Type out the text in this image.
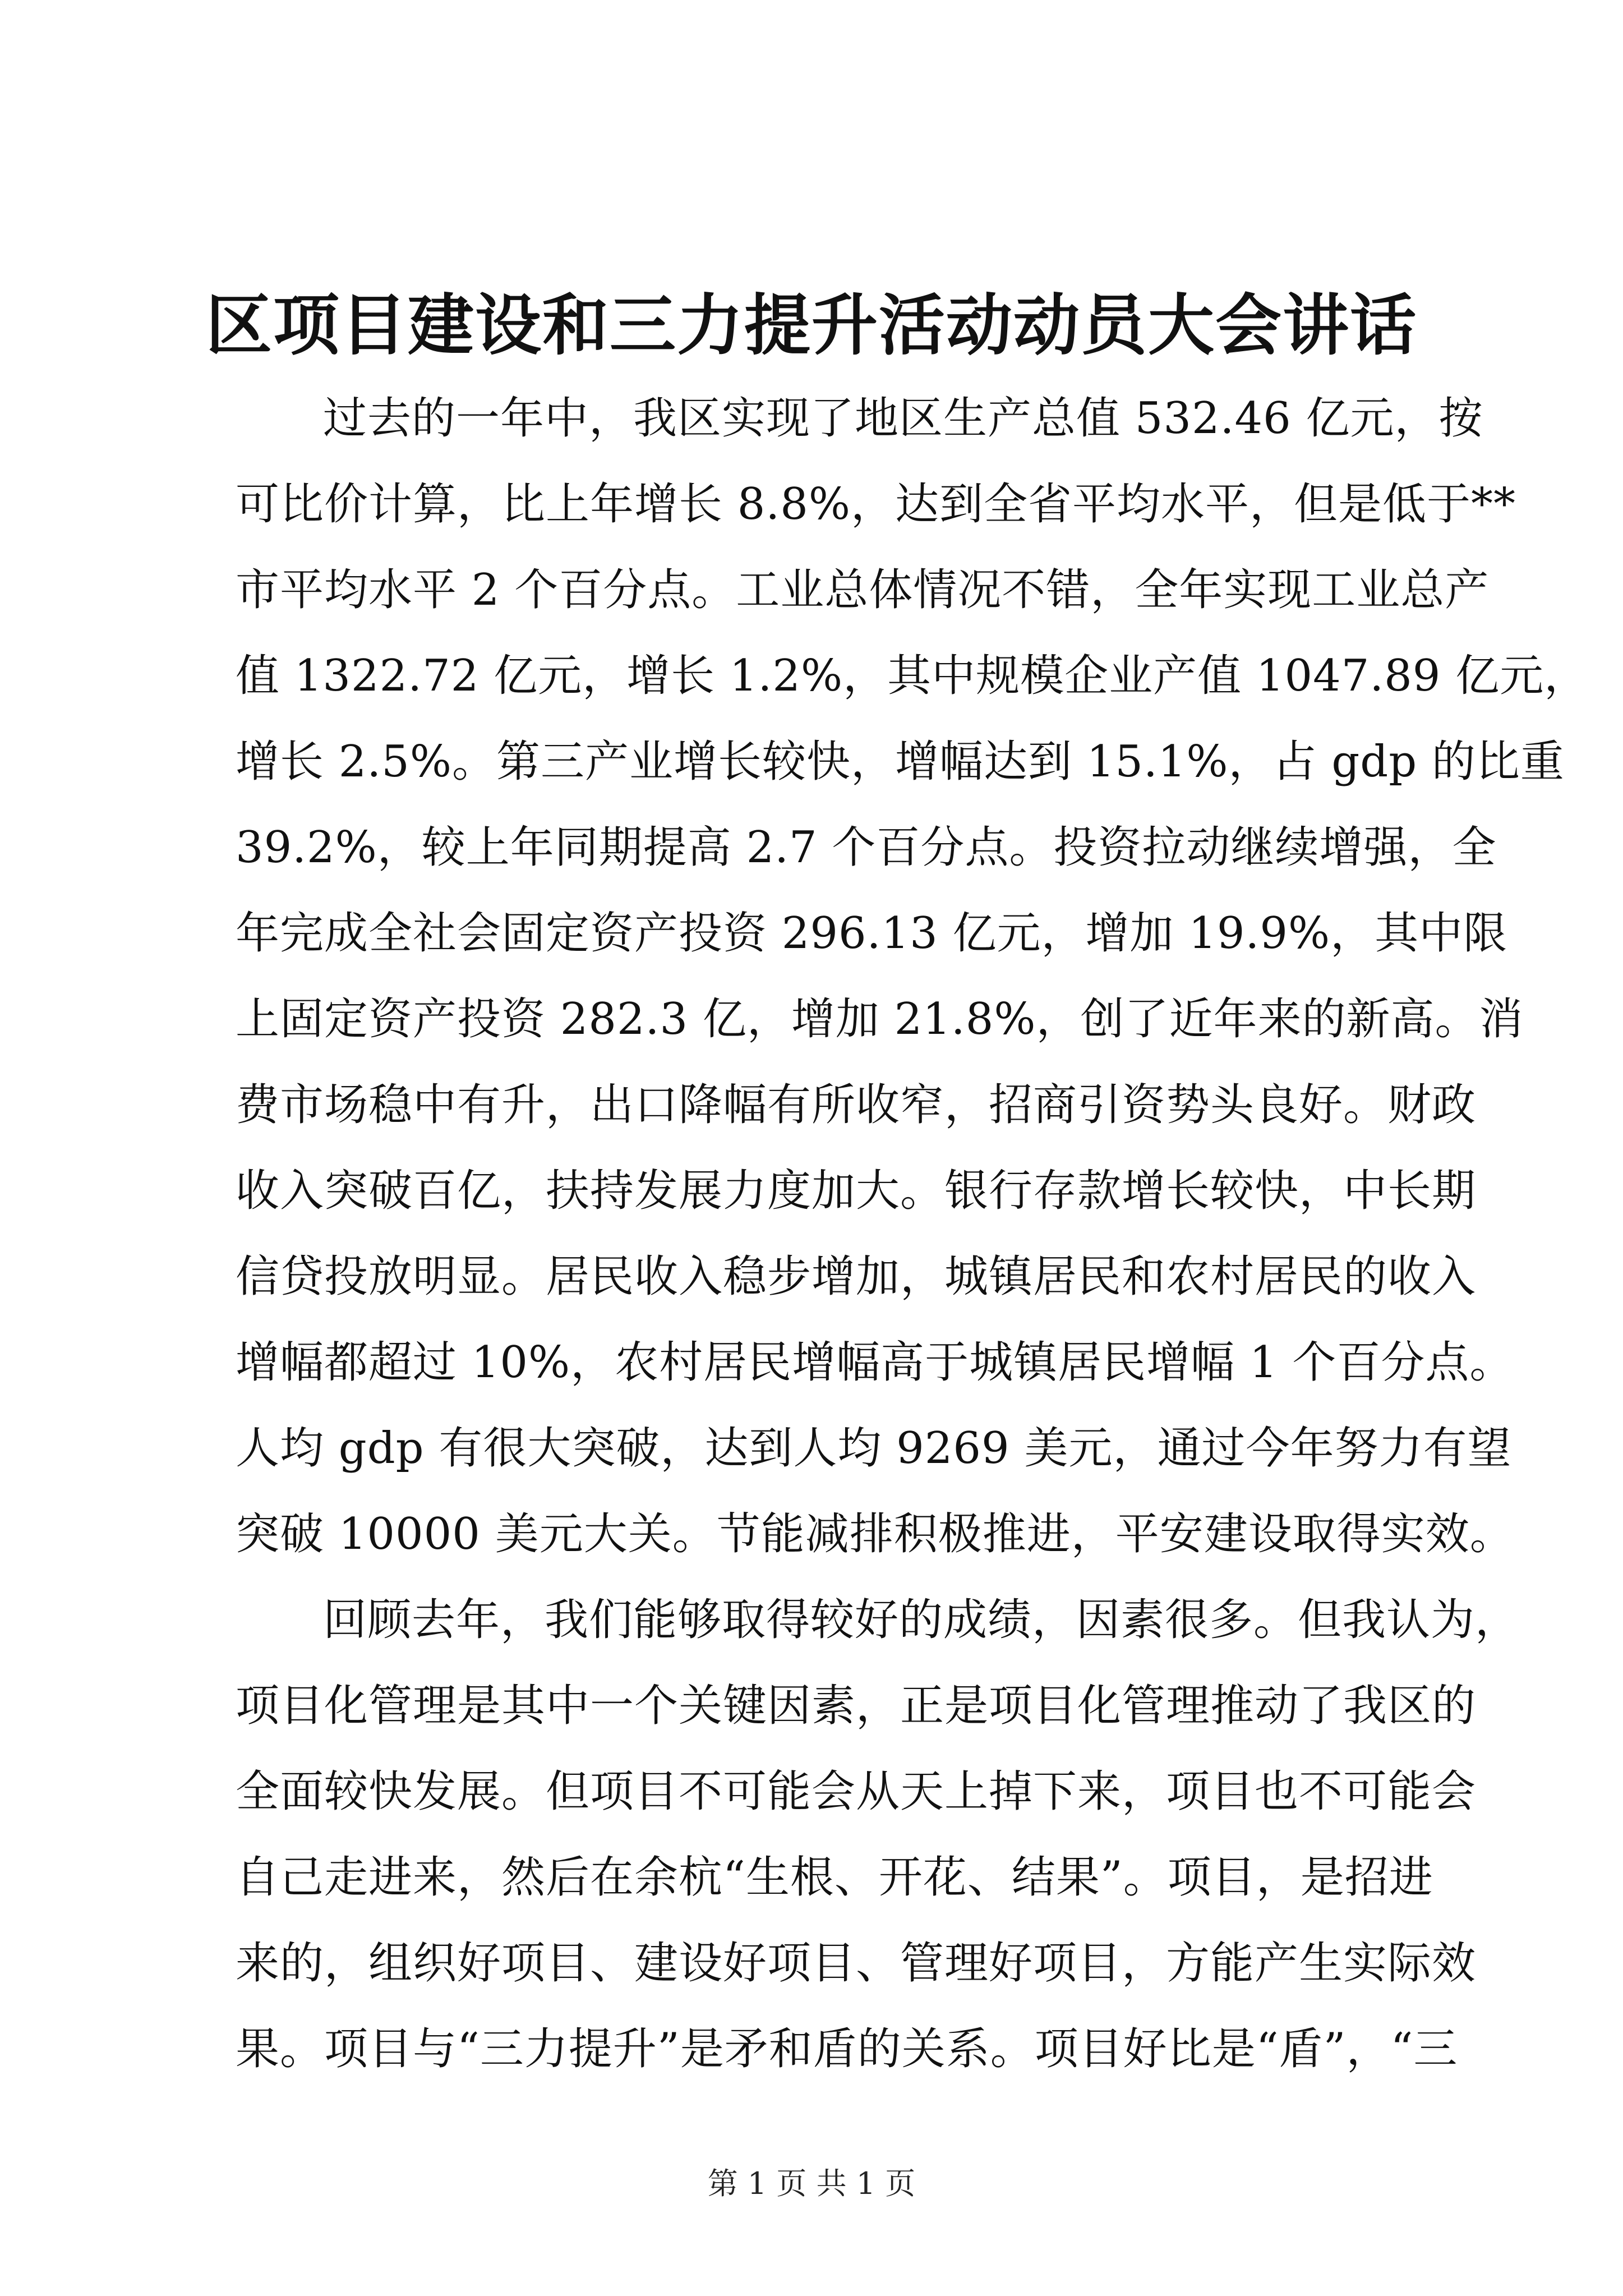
区项目建设和三力提升活动动员大会讲话

过去的一年中，我区实现了地区生产总值 532.46 亿元，按
可比价计算，比上年增长 8.8%，达到全省平均水平，但是低于**
市平均水平 2 个百分点。工业总体情况不错，全年实现工业总产
值 1322.72 亿元，增长 1.2%，其中规模企业产值 1047.89 亿元，
增长 2.5%。第三产业增长较快，增幅达到 15.1%，占 gdp 的比重
39.2%，较上年同期提高 2.7 个百分点。投资拉动继续增强，全
年完成全社会固定资产投资 296.13 亿元，增加 19.9%，其中限
上固定资产投资 282.3 亿，增加 21.8%，创了近年来的新高。消
费市场稳中有升，出口降幅有所收窄，招商引资势头良好。财政
收入突破百亿，扶持发展力度加大。银行存款增长较快，中长期
信贷投放明显。居民收入稳步增加，城镇居民和农村居民的收入
增幅都超过 10%，农村居民增幅高于城镇居民增幅 1 个百分点。
人均 gdp 有很大突破，达到人均 9269 美元，通过今年努力有望
突破 10000 美元大关。节能减排积极推进，平安建设取得实效。

回顾去年，我们能够取得较好的成绩，因素很多。但我认为，
项目化管理是其中一个关键因素，正是项目化管理推动了我区的
全面较快发展。但项目不可能会从天上掉下来，项目也不可能会
自己走进来，然后在余杭“生根、开花、结果”。项目，是招进
来的，组织好项目、建设好项目、管理好项目，方能产生实际效
果。项目与“三力提升”是矛和盾的关系。项目好比是“盾”，“三

第 1 页 共 1 页
